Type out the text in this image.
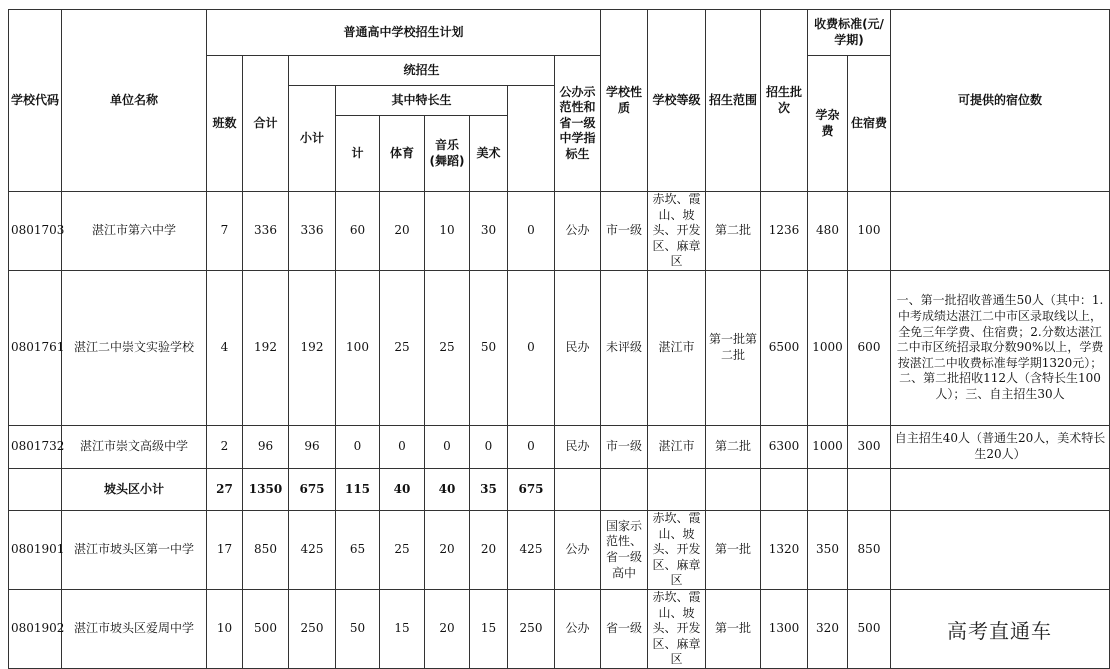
学校代码	单位名称	普通高中学校招生计划									学校性质	学校等级	招生范围	招生批次	收费标准(元/学期)		可提供的宿位数	
		班数	合计	统招生						公办示范性和省一级中学指标生					学杂费	住宿费		
				小计	其中特长生													
					计	体育	音乐(舞蹈)	美术										
0801703	湛江市第六中学	7	336	336	60	20	10	30	0	公办	市一级	赤坎、霞山、坡头、开发区、麻章区	第二批	1236	480	100		
0801761	湛江二中崇文实验学校	4	192	192	100	25	25	50	0	民办	未评级	湛江市	第一批第二批	6500	1000	600	一、第一批招收普通生50人（其中：1.中考成绩达湛江二中市区录取线以上，全免三年学费、住宿费；2.分数达湛江二中市区统招录取分数90%以上，学费按湛江二中收费标准每学期1320元）；二、第二批招收112人（含特长生100人）；三、自主招生30人	
0801732	湛江市崇文高级中学	2	96	96	0	0	0	0	0	民办	市一级	湛江市	第二批	6300	1000	300	自主招生40人（普通生20人，美术特长生20人）	
	坡头区小计	27	1350	675	115	40	40	35	675									
0801901	湛江市坡头区第一中学	17	850	425	65	25	20	20	425	公办	国家示范性、省一级高中	赤坎、霞山、坡头、开发区、麻章区	第一批	1320	350	850		
0801902	湛江市坡头区爱周中学	10	500	250	50	15	20	15	250	公办	省一级	赤坎、霞山、坡头、开发区、麻章区	第一批	1300	320	500			高考直通车
